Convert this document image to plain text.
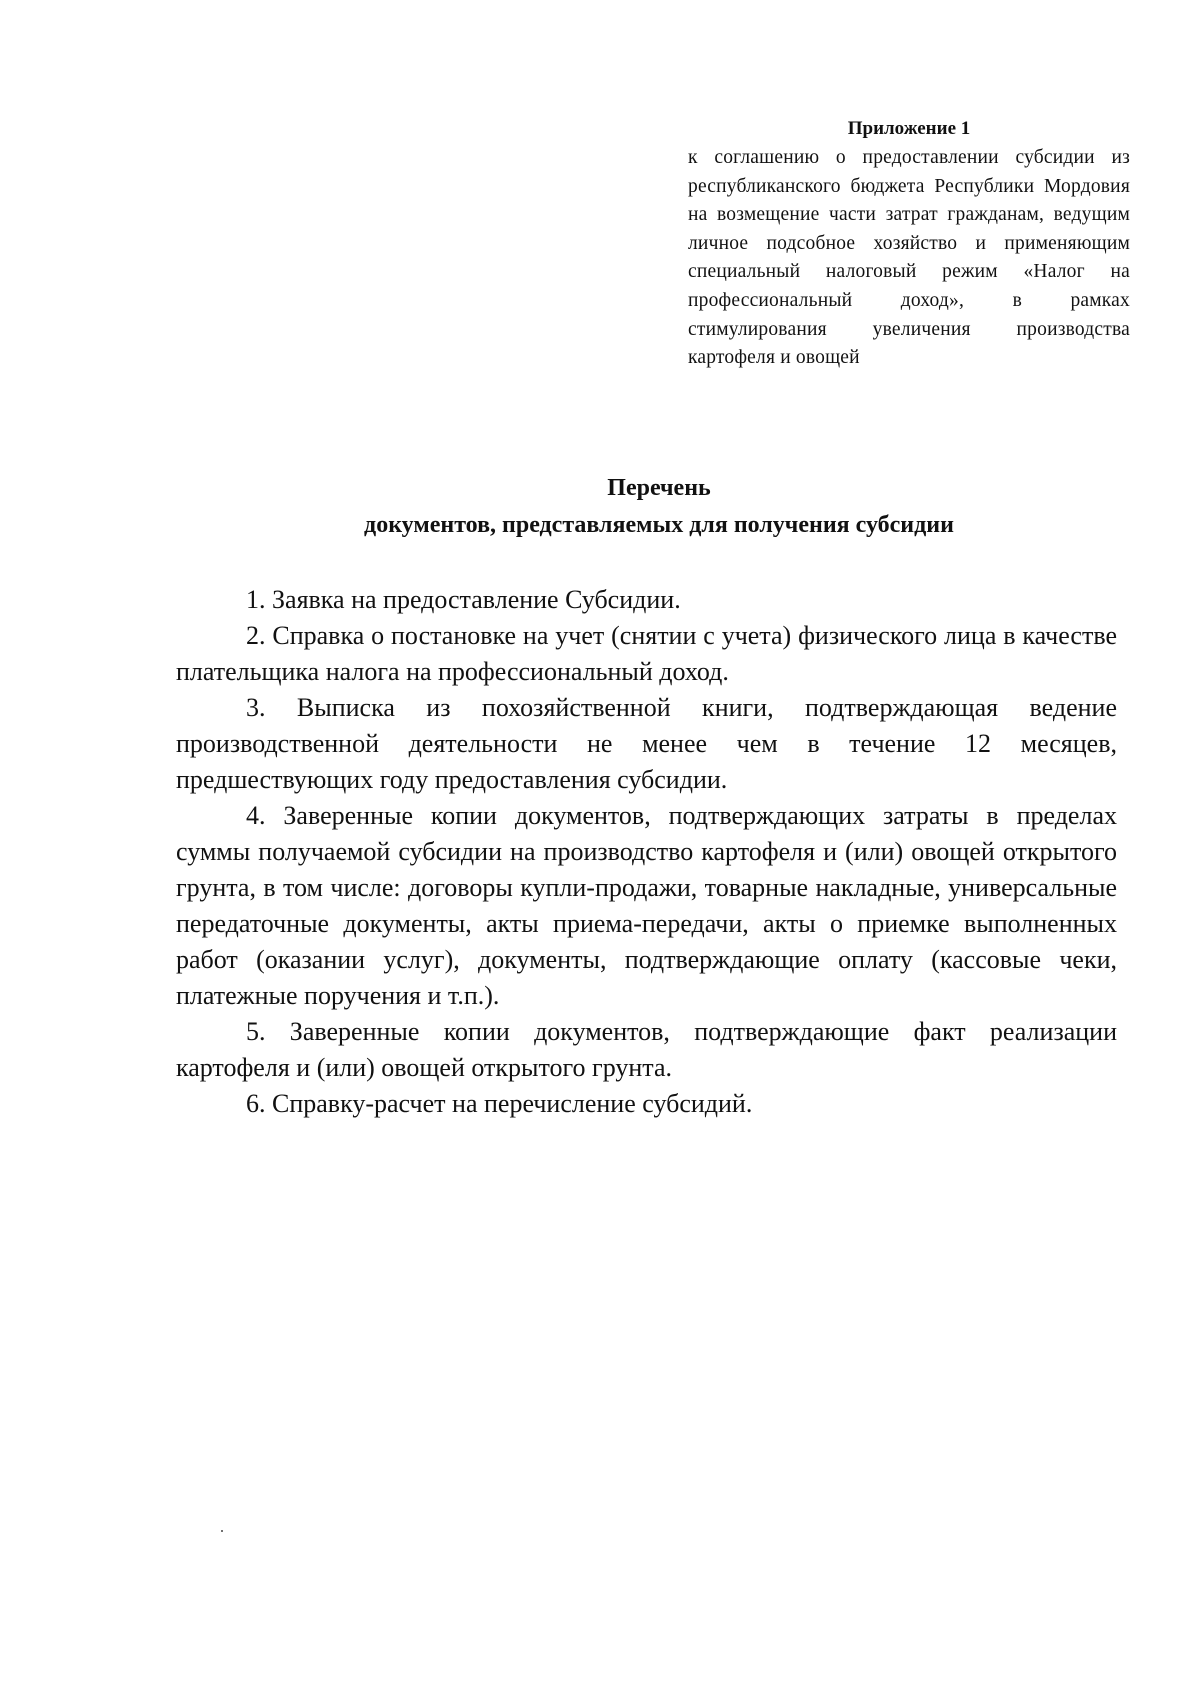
Приложение 1

к соглашению о предоставлении субсидии из республиканского бюджета Республики Мордовия на возмещение части затрат гражданам, ведущим личное подсобное хозяйство и применяющим специальный налоговый режим «Налог на профессиональный доход», в рамках стимулирования увеличения производства картофеля и овощей

Перечень
документов, представляемых для получения субсидии

1. Заявка на предоставление Субсидии.

2. Справка о постановке на учет (снятии с учета) физического лица в качестве плательщика налога на профессиональный доход.

3. Выписка из похозяйственной книги, подтверждающая ведение производственной деятельности не менее чем в течение 12 месяцев, предшествующих году предоставления субсидии.

4. Заверенные копии документов, подтверждающих затраты в пределах суммы получаемой субсидии на производство картофеля и (или) овощей открытого грунта, в том числе: договоры купли-продажи, товарные накладные, универсальные передаточные документы, акты приема-передачи, акты о приемке выполненных работ (оказании услуг), документы, подтверждающие оплату (кассовые чеки, платежные поручения и т.п.).

5. Заверенные копии документов, подтверждающие факт реализации картофеля и (или) овощей открытого грунта.

6. Справку-расчет на перечисление субсидий.
